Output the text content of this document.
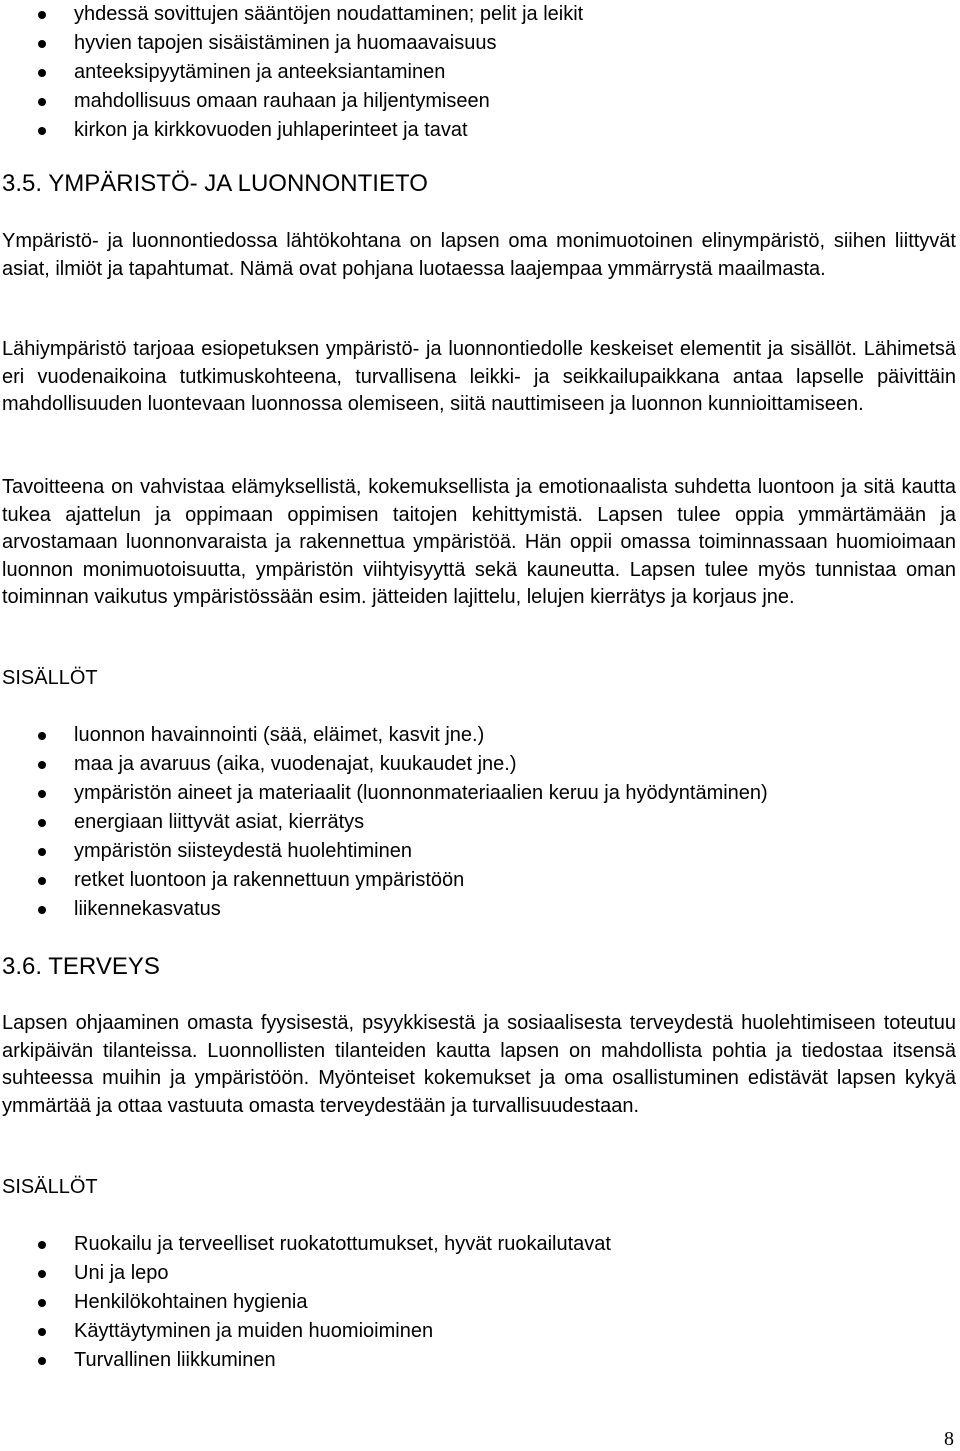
yhdessä sovittujen sääntöjen noudattaminen; pelit ja leikit
hyvien tapojen sisäistäminen ja huomaavaisuus
anteeksipyytäminen ja anteeksiantaminen
mahdollisuus omaan rauhaan ja hiljentymiseen
kirkon ja kirkkovuoden juhlaperinteet ja tavat
3.5. YMPÄRISTÖ- JA LUONNONTIETO
Ympäristö- ja luonnontiedossa lähtökohtana on lapsen oma monimuotoinen elinympäristö, siihen liittyvät asiat, ilmiöt ja tapahtumat. Nämä ovat pohjana luotaessa laajempaa ymmärrystä maailmasta.
Lähiympäristö tarjoaa esiopetuksen ympäristö- ja luonnontiedolle keskeiset elementit ja sisällöt. Lähimetsä eri vuodenaikoina tutkimuskohteena, turvallisena leikki- ja seikkailupaikkana antaa lapselle päivittäin mahdollisuuden luontevaan luonnossa olemiseen, siitä nauttimiseen ja luonnon kunnioittamiseen.
Tavoitteena on vahvistaa elämyksellistä, kokemuksellista ja emotionaalista suhdetta luontoon ja sitä kautta tukea ajattelun ja oppimaan oppimisen taitojen kehittymistä. Lapsen tulee oppia ymmärtämään ja arvostamaan luonnonvaraista ja rakennettua ympäristöä. Hän oppii omassa toiminnassaan huomioimaan luonnon monimuotoisuutta, ympäristön viihtyisyyttä sekä kauneutta. Lapsen tulee myös tunnistaa oman toiminnan vaikutus ympäristössään esim. jätteiden lajittelu, lelujen kierrätys ja korjaus jne.
SISÄLLÖT
luonnon havainnointi (sää, eläimet, kasvit jne.)
maa ja avaruus (aika, vuodenajat, kuukaudet jne.)
ympäristön aineet ja materiaalit (luonnonmateriaalien keruu ja hyödyntäminen)
energiaan liittyvät asiat, kierrätys
ympäristön siisteydestä huolehtiminen
retket luontoon ja rakennettuun ympäristöön
liikennekasvatus
3.6. TERVEYS
Lapsen ohjaaminen omasta fyysisestä, psyykkisestä ja sosiaalisesta terveydestä huolehtimiseen toteutuu arkipäivän tilanteissa. Luonnollisten tilanteiden kautta lapsen on mahdollista pohtia ja tiedostaa itsensä suhteessa muihin ja ympäristöön. Myönteiset kokemukset ja oma osallistuminen edistävät lapsen kykyä ymmärtää ja ottaa vastuuta omasta terveydestään ja turvallisuudestaan.
SISÄLLÖT
Ruokailu ja terveelliset ruokatottumukset, hyvät ruokailutavat
Uni ja lepo
Henkilökohtainen hygienia
Käyttäytyminen ja muiden huomioiminen
Turvallinen liikkuminen
8
